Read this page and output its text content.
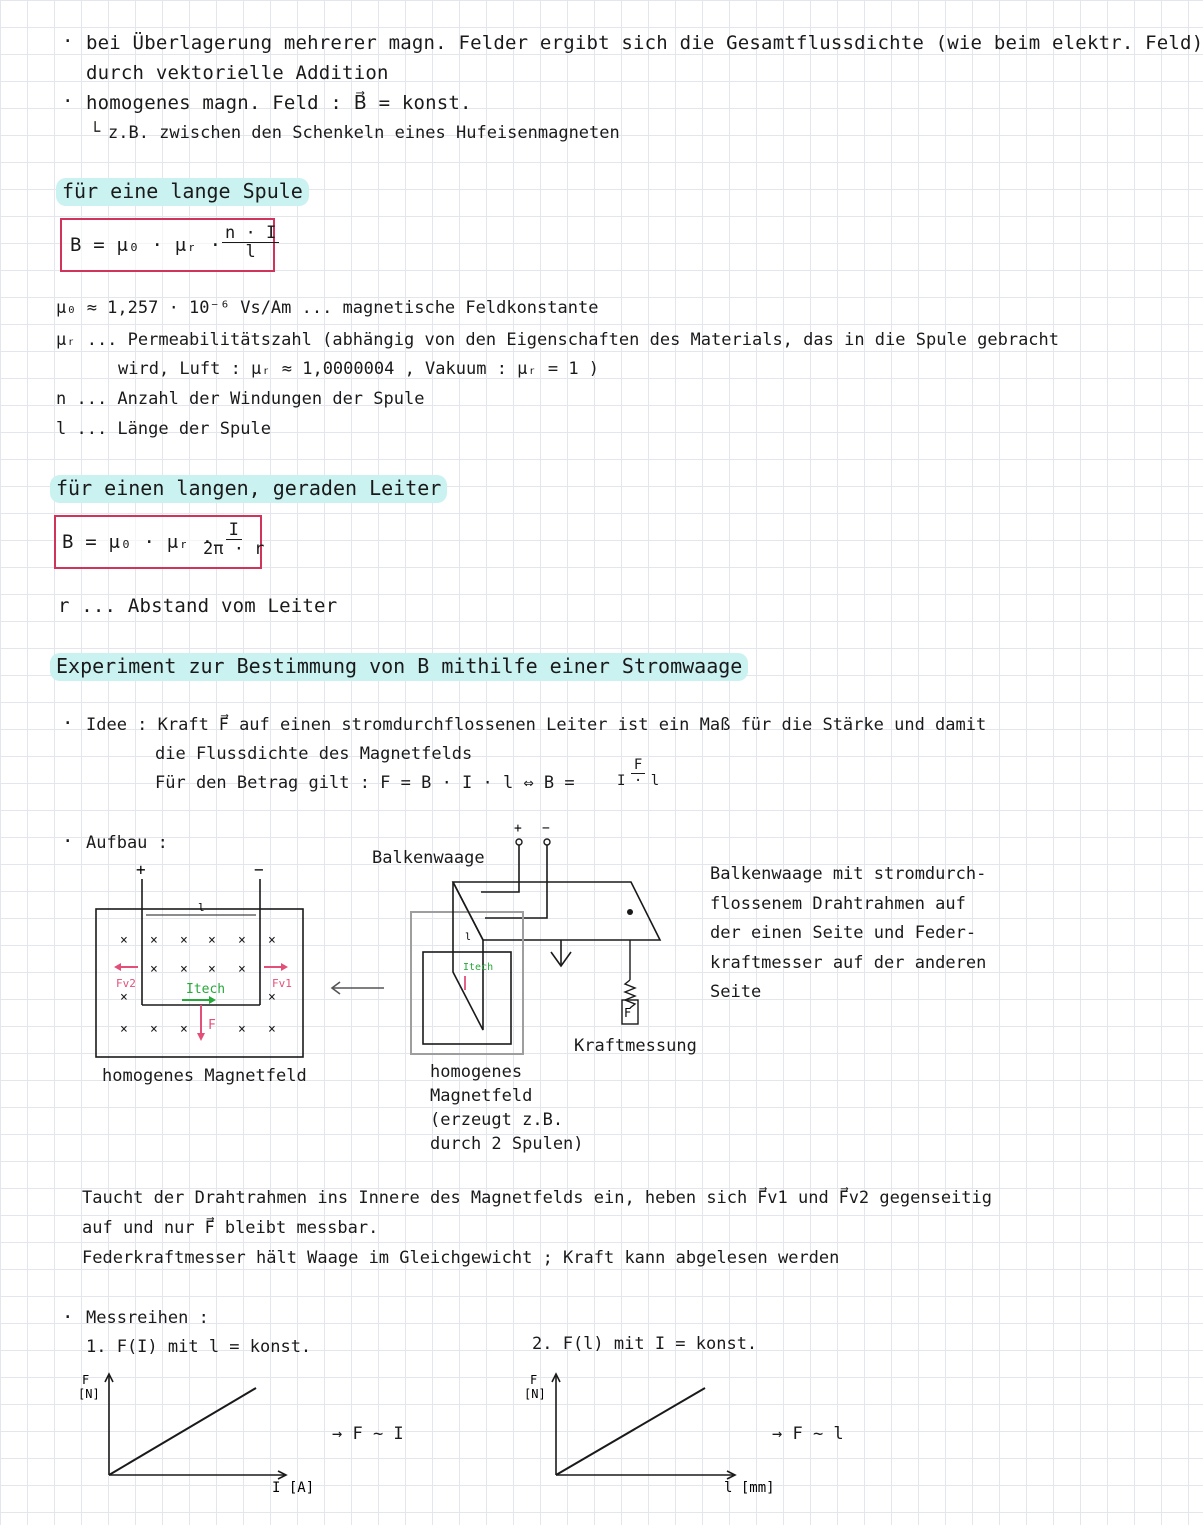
· bei Überlagerung mehrerer magn. Felder ergibt sich die Gesamtflussdichte (wie beim elektr. Feld)
durch vektorielle Addition
· homogenes magn. Feld : B⃗ = konst.
└ z.B. zwischen den Schenkeln eines Hufeisenmagneten
für eine lange Spule
B = μ₀ · μᵣ · $\frac{n \cdot I}{l}$
μ₀ ≈ 1,257 · 10⁻⁶ Vs/Am ... magnetische Feldkonstante
μᵣ ... Permeabilitätszahl (abhängig von den Eigenschaften des Materials, das in die Spule gebracht
wird, Luft : μᵣ ≈ 1,0000004 , Vakuum : μᵣ = 1 )
n ... Anzahl der Windungen der Spule
l ... Länge der Spule
für einen langen, geraden Leiter
B = μ₀ · μᵣ ·
$\frac{I}{2\pi \cdot r}$
r ... Abstand vom Leiter
Experiment zur Bestimmung von B mithilfe einer Stromwaage
· Idee : Kraft F⃗ auf einen stromdurchflossenen Leiter ist ein Maß für die Stärke und damit
die Flussdichte des Magnetfelds
Für den Betrag gilt : F = B · I · l ⇔ B =	$\frac{F}{I \cdot l}$
· Aufbau :
+	−
l
× × × × × ×
× × × ×
×	×
× × ×	× ×
Fv2	Fv1
Itech
F
homogenes Magnetfeld
Balkenwaage
+ −
l
Itech
F
homogenes
Magnetfeld
(erzeugt z.B.
durch 2 Spulen)
Kraftmessung
Balkenwaage mit stromdurch-
flossenem Drahtrahmen auf
der einen Seite und Feder-
kraftmesser auf der anderen
Seite
Taucht der Drahtrahmen ins Innere des Magnetfelds ein, heben sich F⃗v1 und F⃗v2 gegenseitig
auf und nur F⃗ bleibt messbar.
Federkraftmesser hält Waage im Gleichgewicht ; Kraft kann abgelesen werden
· Messreihen :
1. F(I) mit l = konst.	2. F(l) mit I = konst.
F
[N]
I [A]
→ F ~ I
F
[N]
l [mm]
→ F ~ l
